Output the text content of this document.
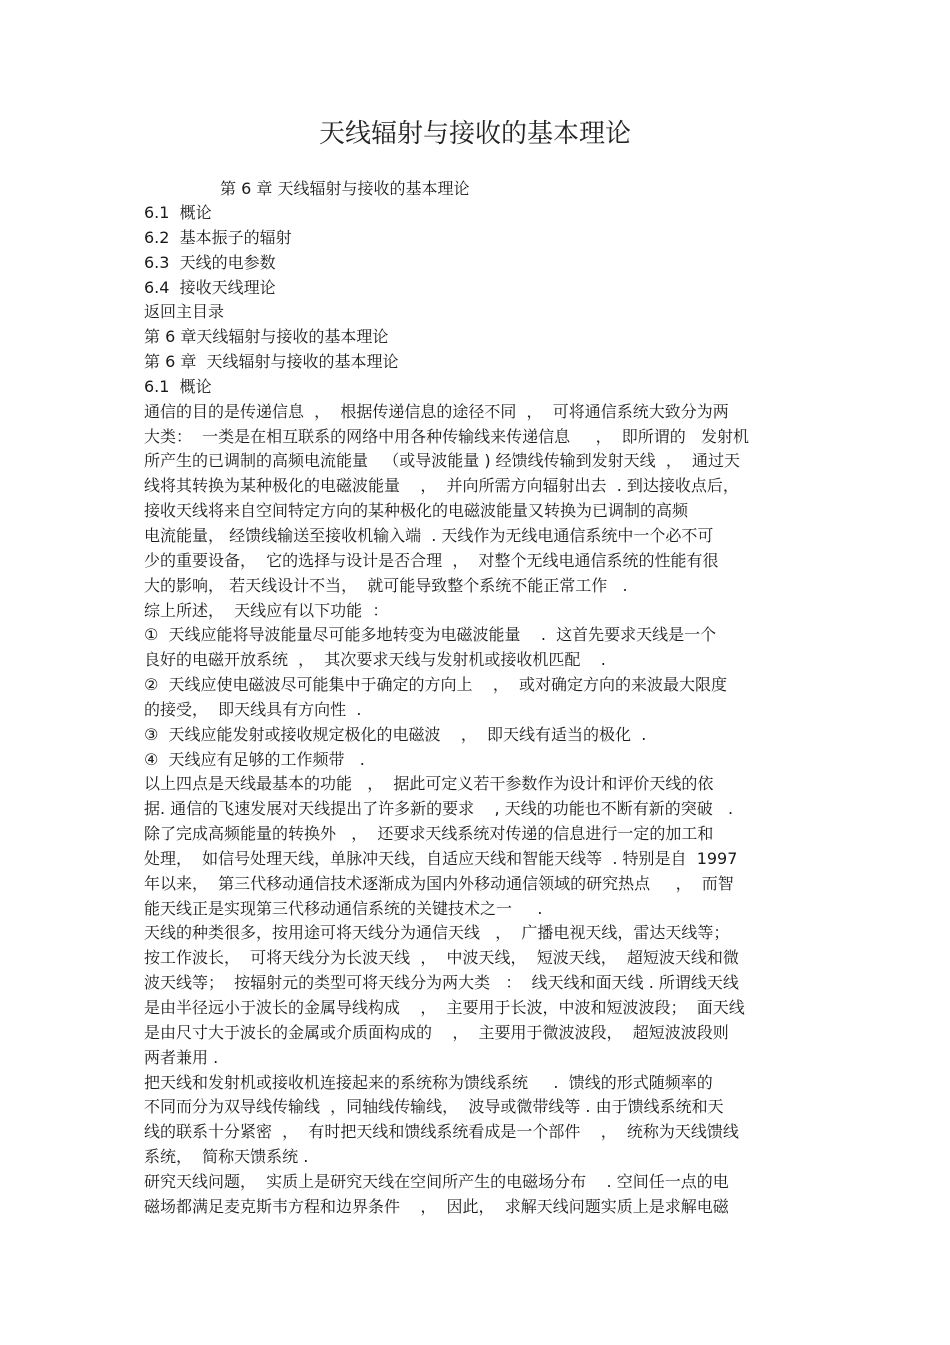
天线辐射与接收的基本理论
第 6 章 天线辐射与接收的基本理论
6.1  概论
6.2  基本振子的辐射
6.3  天线的电参数
6.4  接收天线理论
返回主目录
第 6 章天线辐射与接收的基本理论
第 6 章  天线辐射与接收的基本理论
6.1  概论
通信的目的是传递信息  ，  根据传递信息的途径不同  ，  可将通信系统大致分为两
大类：  一类是在相互联系的网络中用各种传输线来传递信息     ，  即所谓的   发射机
所产生的已调制的高频电流能量   （或导波能量 ) 经馈线传输到发射天线  ，  通过天
线将其转换为某种极化的电磁波能量    ，  并向所需方向辐射出去  . 到达接收点后，
接收天线将来自空间特定方向的某种极化的电磁波能量又转换为已调制的高频
电流能量， 经馈线输送至接收机输入端  . 天线作为无线电通信系统中一个必不可
少的重要设备，  它的选择与设计是否合理  ，  对整个无线电通信系统的性能有很
大的影响， 若天线设计不当，  就可能导致整个系统不能正常工作   .
综上所述，  天线应有以下功能  ：
①  天线应能将导波能量尽可能多地转变为电磁波能量    .  这首先要求天线是一个
良好的电磁开放系统  ，  其次要求天线与发射机或接收机匹配    .
②  天线应使电磁波尽可能集中于确定的方向上    ，  或对确定方向的来波最大限度
的接受，  即天线具有方向性  .
③  天线应能发射或接收规定极化的电磁波    ，  即天线有适当的极化  .
④  天线应有足够的工作频带   .
以上四点是天线最基本的功能   ，  据此可定义若干参数作为设计和评价天线的依
据. 通信的飞速发展对天线提出了许多新的要求    , 天线的功能也不断有新的突破   .
除了完成高频能量的转换外   ，  还要求天线系统对传递的信息进行一定的加工和
处理，  如信号处理天线，单脉冲天线，自适应天线和智能天线等  . 特别是自  1997
年以来，  第三代移动通信技术逐渐成为国内外移动通信领域的研究热点     ，  而智
能天线正是实现第三代移动通信系统的关键技术之一     .
天线的种类很多，按用途可将天线分为通信天线   ，  广播电视天线，雷达天线等；
按工作波长，  可将天线分为长波天线  ，  中波天线，  短波天线，  超短波天线和微
波天线等；  按辐射元的类型可将天线分为两大类   ：  线天线和面天线 . 所谓线天线
是由半径远小于波长的金属导线构成    ，  主要用于长波，中波和短波波段；  面天线
是由尺寸大于波长的金属或介质面构成的    ，  主要用于微波波段，  超短波波段则
两者兼用 .
把天线和发射机或接收机连接起来的系统称为馈线系统     .  馈线的形式随频率的
不同而分为双导线传输线  ，同轴线传输线，  波导或微带线等 . 由于馈线系统和天
线的联系十分紧密  ，  有时把天线和馈线系统看成是一个部件    ，  统称为天线馈线
系统，  简称天馈系统 .
研究天线问题，  实质上是研究天线在空间所产生的电磁场分布    . 空间任一点的电
磁场都满足麦克斯韦方程和边界条件    ，  因此，  求解天线问题实质上是求解电磁
